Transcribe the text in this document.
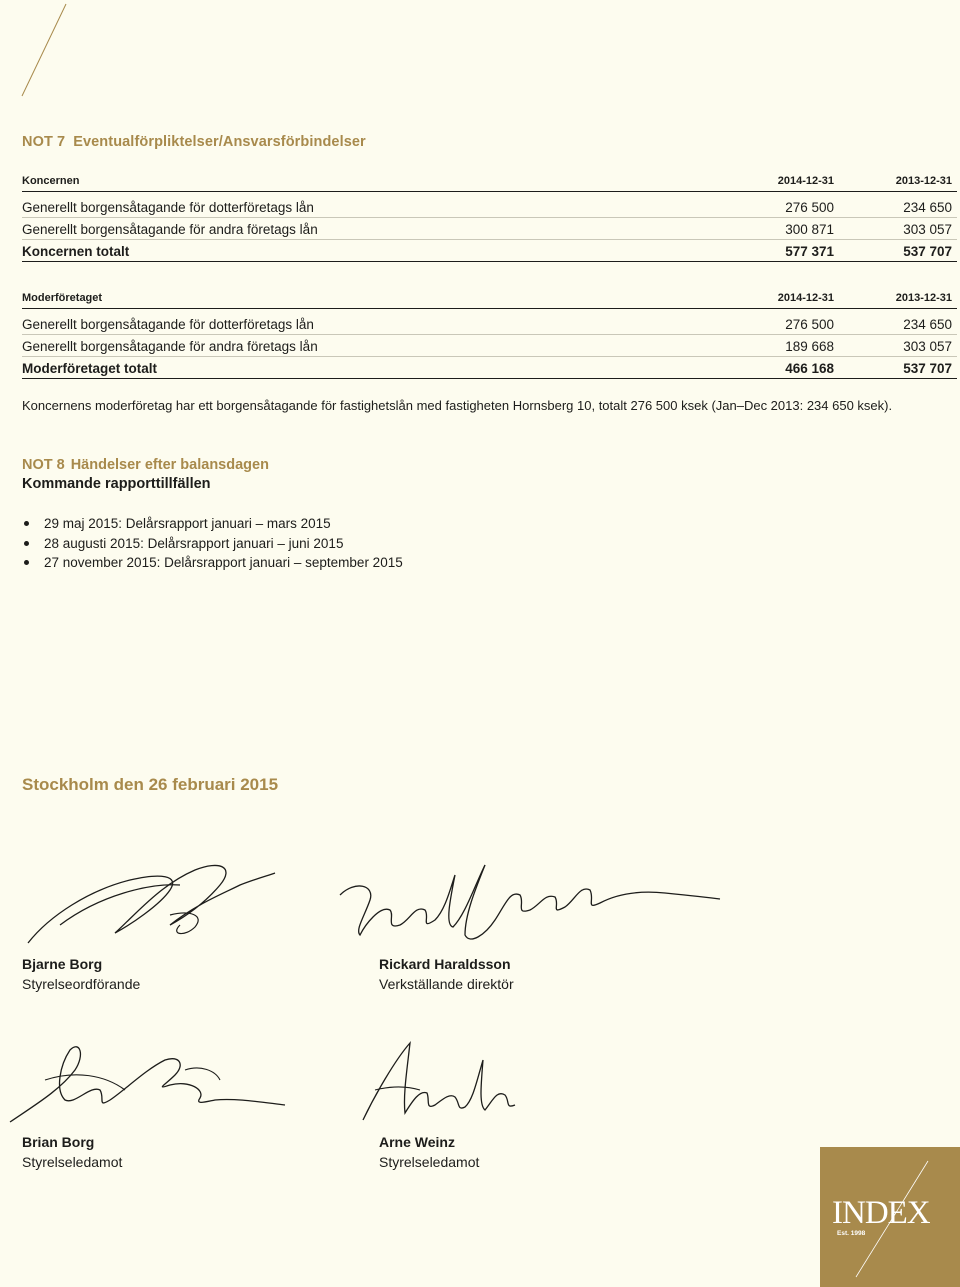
NOT 7 Eventualförpliktelser/Ansvarsförbindelser
Koncernen	2014-12-31	2013-12-31
Generellt borgensåtagande för dotterföretags lån	276 500	234 650
Generellt borgensåtagande för andra företags lån	300 871	303 057
Koncernen totalt	577 371	537 707
Moderföretaget	2014-12-31	2013-12-31
Generellt borgensåtagande för dotterföretags lån	276 500	234 650
Generellt borgensåtagande för andra företags lån	189 668	303 057
Moderföretaget totalt	466 168	537 707
Koncernens moderföretag har ett borgensåtagande för fastighetslån med fastigheten Hornsberg 10, totalt 276 500 ksek (Jan–Dec 2013: 234 650 ksek).
NOT 8 Händelser efter balansdagen
Kommande rapporttillfällen
29 maj 2015: Delårsrapport januari – mars 2015
28 augusti 2015: Delårsrapport januari – juni 2015
27 november 2015: Delårsrapport januari – september 2015
Stockholm den 26 februari 2015
Bjarne Borg
Styrelseordförande
Rickard Haraldsson
Verkställande direktör
Brian Borg
Styrelseledamot
Arne Weinz
Styrelseledamot
INDEX
Est. 1998
